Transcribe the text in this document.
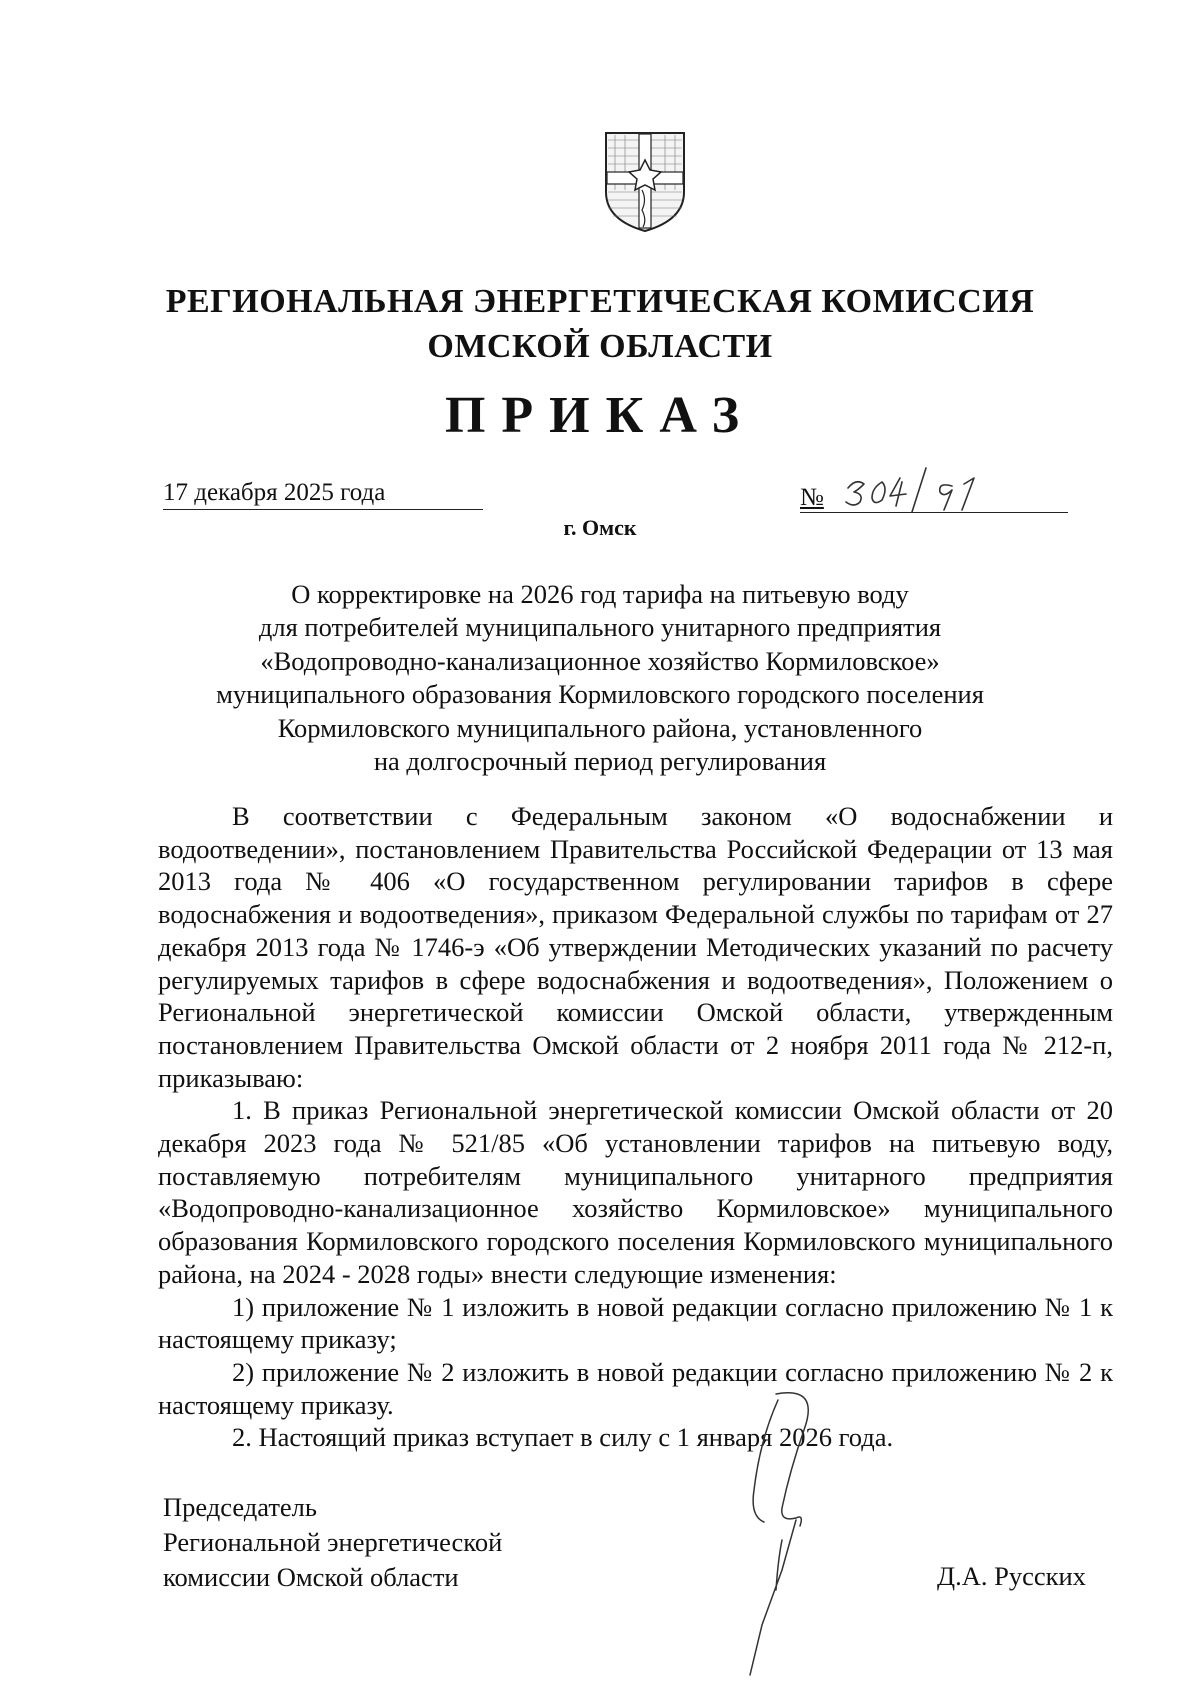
РЕГИОНАЛЬНАЯ ЭНЕРГЕТИЧЕСКАЯ КОМИССИЯ
ОМСКОЙ ОБЛАСТИ
ПРИКАЗ
17 декабря 2025 года	№
г. Омск
О корректировке на 2026 год тарифа на питьевую воду
для потребителей муниципального унитарного предприятия
«Водопроводно-канализационное хозяйство Кормиловское»
муниципального образования Кормиловского городского поселения
Кормиловского муниципального района, установленного
на долгосрочный период регулирования

В соответствии с Федеральным законом «О водоснабжении и водоотведении», постановлением Правительства Российской Федерации от 13 мая 2013 года № 406 «О государственном регулировании тарифов в сфере водоснабжения и водоотведения», приказом Федеральной службы по тарифам от 27 декабря 2013 года № 1746-э «Об утверждении Методических указаний по расчету регулируемых тарифов в сфере водоснабжения и водоотведения», Положением о Региональной энергетической комиссии Омской области, утвержденным постановлением Правительства Омской области от 2 ноября 2011 года № 212-п, приказываю:

1. В приказ Региональной энергетической комиссии Омской области от 20 декабря 2023 года № 521/85 «Об установлении тарифов на питьевую воду, поставляемую потребителям муниципального унитарного предприятия «Водопроводно-канализационное хозяйство Кормиловское» муниципального образования Кормиловского городского поселения Кормиловского муниципального района, на 2024 - 2028 годы» внести следующие изменения:

1) приложение № 1 изложить в новой редакции согласно приложению № 1 к настоящему приказу;

2) приложение № 2 изложить в новой редакции согласно приложению № 2 к настоящему приказу.

2. Настоящий приказ вступает в силу с 1 января 2026 года.

Председатель
Региональной энергетической
комиссии Омской области	Д.А. Русских
